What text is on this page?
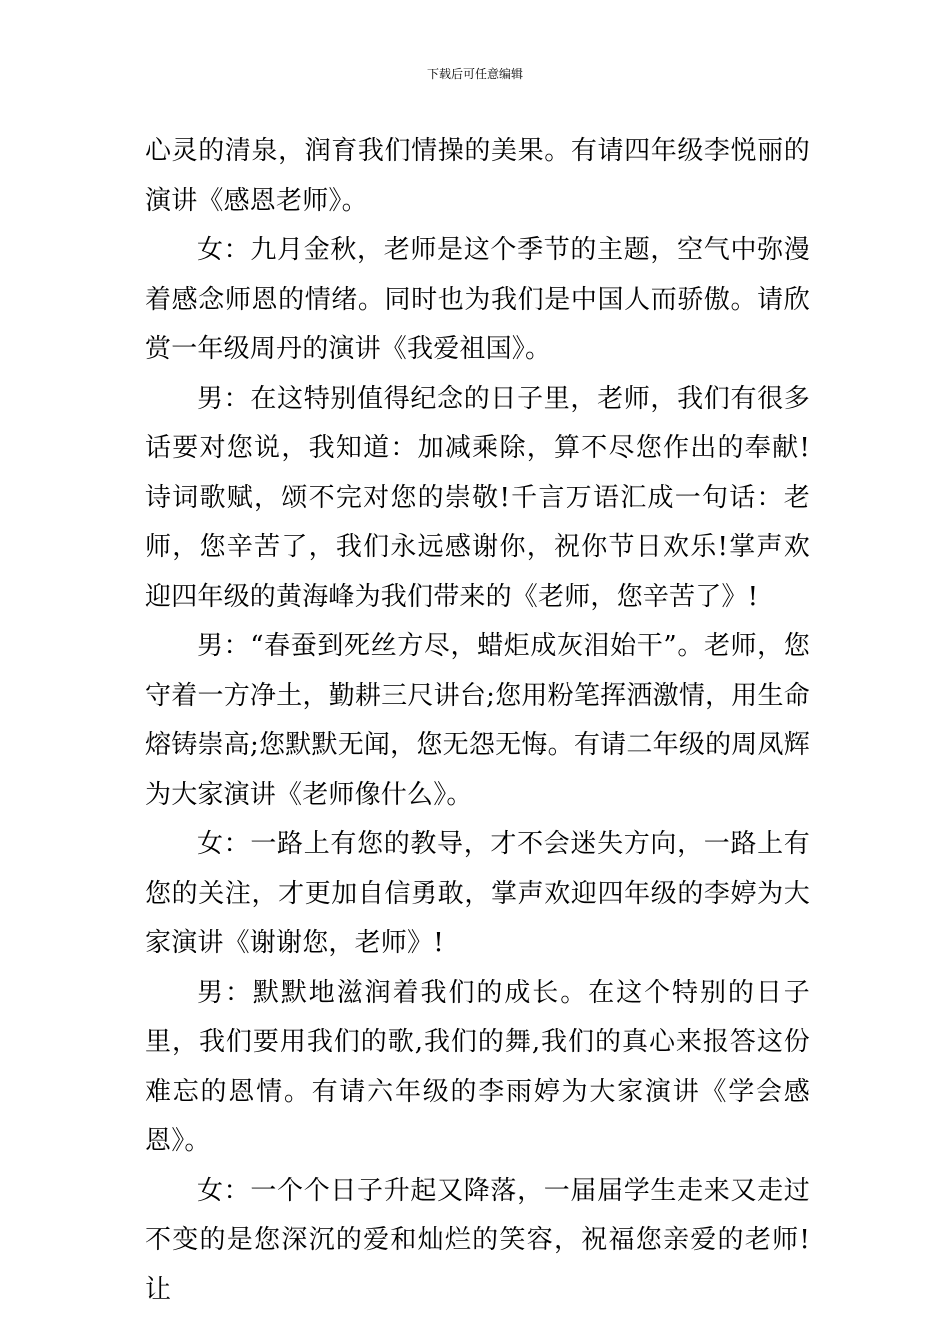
下载后可任意编辑

心灵的清泉，润育我们情操的美果。有请四年级李悦丽的演讲《感恩老师》。

女：九月金秋，老师是这个季节的主题，空气中弥漫着感念师恩的情绪。同时也为我们是中国人而骄傲。请欣赏一年级周丹的演讲《我爱祖国》。

男：在这特别值得纪念的日子里，老师，我们有很多话要对您说，我知道：加减乘除，算不尽您作出的奉献!诗词歌赋，颂不完对您的崇敬!千言万语汇成一句话：老师，您辛苦了，我们永远感谢你，祝你节日欢乐!掌声欢迎四年级的黄海峰为我们带来的《老师，您辛苦了》!

男：“春蚕到死丝方尽，蜡炬成灰泪始干”。老师，您守着一方净土，勤耕三尺讲台;您用粉笔挥洒激情，用生命熔铸崇高;您默默无闻，您无怨无悔。有请二年级的周凤辉为大家演讲《老师像什么》。

女：一路上有您的教导，才不会迷失方向，一路上有您的关注，才更加自信勇敢，掌声欢迎四年级的李婷为大家演讲《谢谢您，老师》!

男：默默地滋润着我们的成长。在这个特别的日子里，我们要用我们的歌,我们的舞,我们的真心来报答这份难忘的恩情。有请六年级的李雨婷为大家演讲《学会感恩》。

女：一个个日子升起又降落，一届届学生走来又走过不变的是您深沉的爱和灿烂的笑容，祝福您亲爱的老师!让
